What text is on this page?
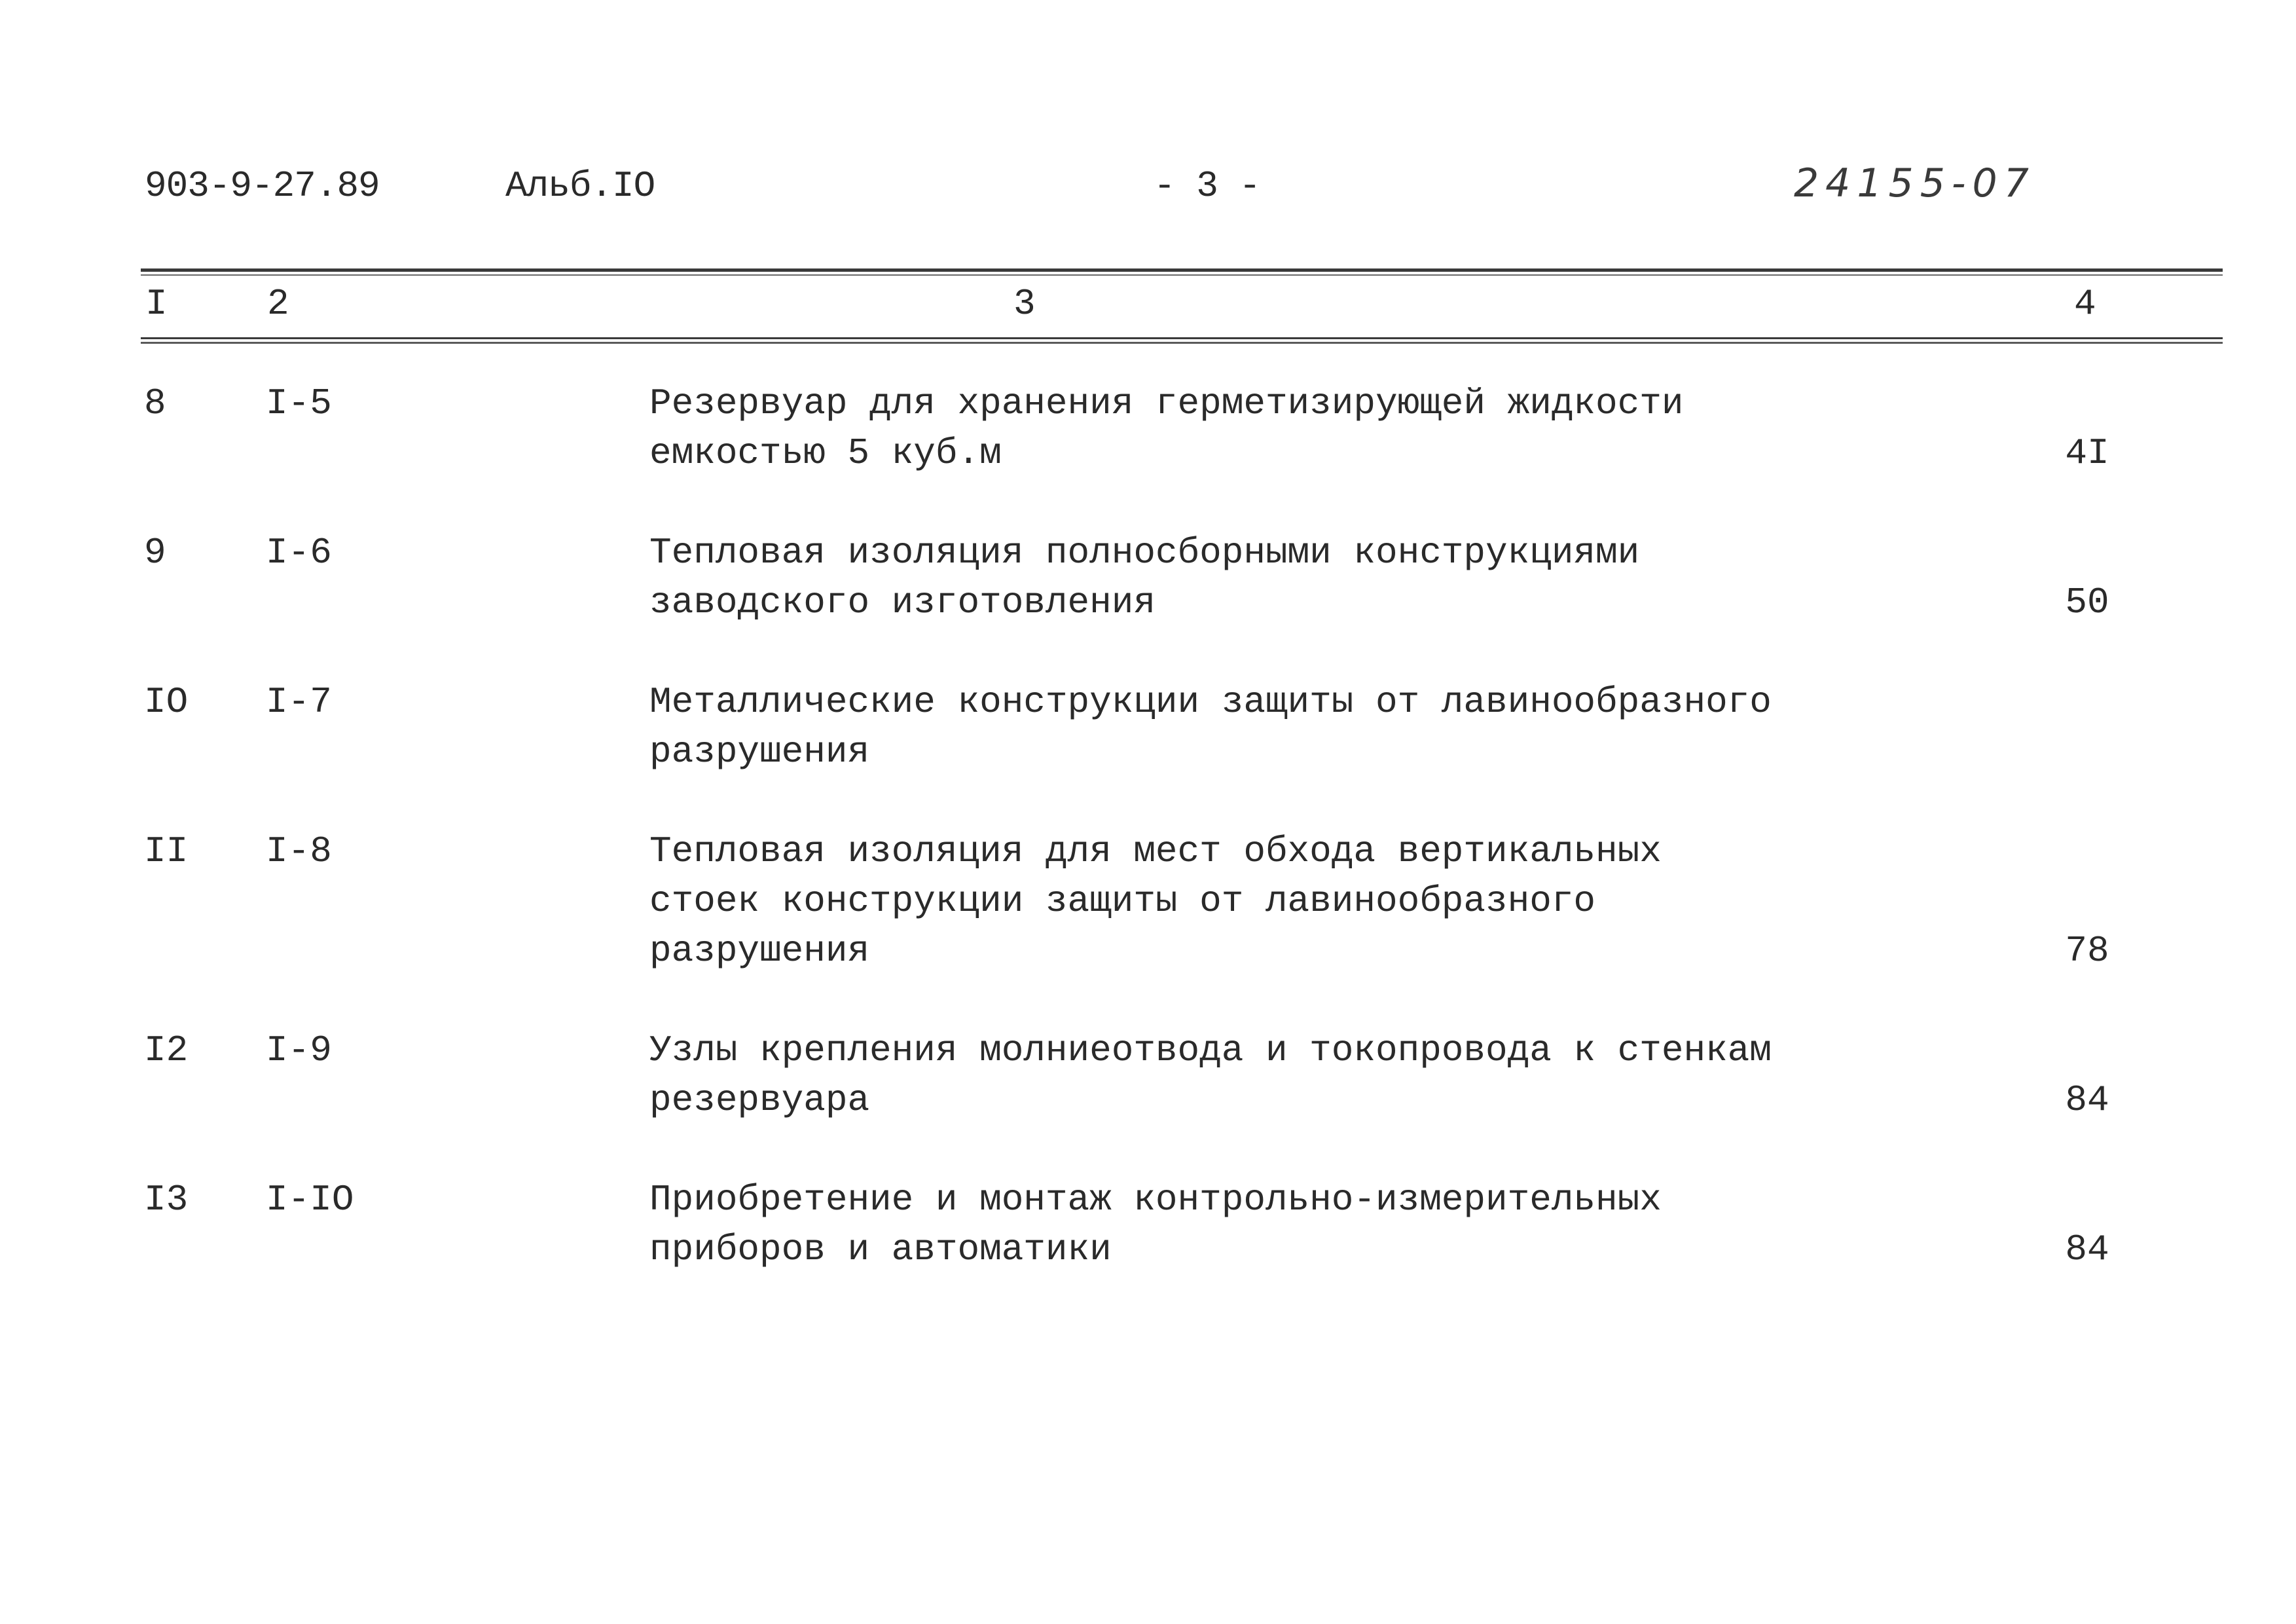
903-9-27.89	Альб.IO	- 3 -	24155-07
I	2	3	4
8	I-5	Резервуар для хранения герметизирующей жидкости
емкостью 5 куб.м	4I
9	I-6	Тепловая изоляция полносборными конструкциями
заводского изготовления	50
IO I-7	Металлические конструкции защиты от лавинообразного
разрушения
II I-8	Тепловая изоляция для мест обхода вертикальных
стоек конструкции защиты от лавинообразного
разрушения	78
I2 I-9	Узлы крепления молниеотвода и токопровода к стенкам
резервуара	84
I3 I-IO	Приобретение и монтаж контрольно-измерительных
приборов и автоматики	84
